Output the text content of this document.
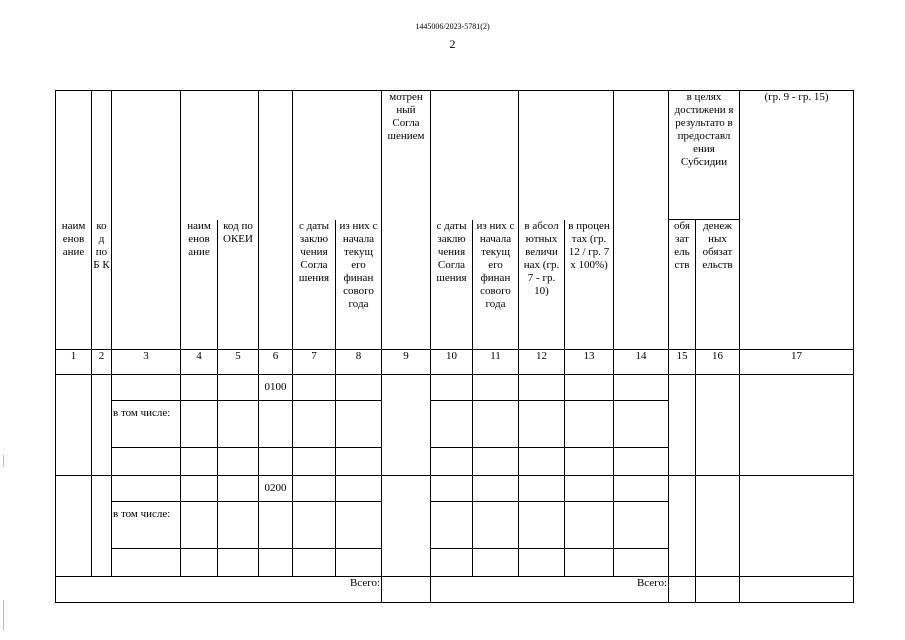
1445006/2023-5781(2)
2
								мотрен ный Согла шением						в целях достижени я результато в предоставл ения Субсидии		(гр. 9 - гр. 15)
наим енов ание	ко д по Б К		наим енов ание	код по ОКЕИ		с даты заклю чения Согла шения	из них с начала текущ его финан сового года		с даты заклю чения Согла шения	из них с начала текущ его финан сового года	в абсол ютных величи нах (гр. 7 - гр. 10)	в процен тах (гр. 12 / гр. 7 х 100%)		обя зат ель ств	денеж ных обязат ельств	
1	2	3	4	5	6	7	8	9	10	11	12	13	14	15	16	17
					0100											
		в том числе:														

					0200											
		в том числе:														

Всего:									Всего:							
